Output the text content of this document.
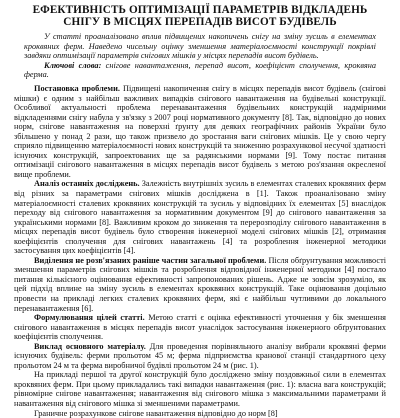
ЕФЕКТИВНІСТЬ ОПТИМІЗАЦІЇ ПАРАМЕТРІВ ВІДКЛАДЕНЬ
СНІГУ В МІСЦЯХ ПЕРЕПАДІВ ВИСОТ БУДІВЕЛЬ

У статті проаналізовано вплив підвищених накопичень снігу на зміну зусиль в елементах кроквяних ферм. Наведено чисельну оцінку зменшення матеріалоємності конструкції покрівлі завдяки оптимізації параметрів снігових мішків у місцях перепадів висот будівель.

Ключові слова: снігове навантаження, перепад висот, коефіцієнт сполучення, кроквяна ферма.

Постановка проблеми. Підвищені накопичення снігу в місцях перепадів висот будівель (снігові мішки) є одним з найбільш важливих випадків снігового навантаження на будівельні конструкції. Особливої актуальності проблема перенавантаження будівельних конструкцій надмірними відкладеннями снігу набула у зв'язку з 2007 році нормативного документу [8]. Так, відповідно до нових норм, снігове навантаження на поверхні ґрунту для деяких географічних районів України було збільшено у понад 2 рази, що також призвело до зростання ваги снігових мішків. Це у свою чергу сприяло підвищенню матеріалоємності нових конструкцій та зниженню розрахункової несучої здатності існуючих конструкцій, запроектованих ще за радянськими нормами [9]. Тому постає питання оптимізації снігового навантаження в місцях перепадів висот будівель з метою роз'язання окресленої вище проблеми.

Аналіз останніх досліджень. Залежність внутрішніх зусиль в елементах сталевих кроквяних ферм від різних за параметрами снігових мішків досліджена в [1]. Також проаналізовано зміну матеріалоємності сталевих кроквяних конструкцій та зусиль у відповідних їх елементах [5] внаслідок переходу від снігового навантаження за нормативним документом [9] до снігового навантаження за українськими нормами [8]. Важливим кроком до зниження та перерозподілу снігового навантаження в місцях перепадів висот будівель було створення інженерної моделі снігових мішків [2], отримання коефіцієнтів сполучення для снігових навантажень [4] та розроблення інженерної методики застосування цих коефіцієнтів [4].

Виділення не розв'язаних раніше частин загальної проблеми. Після обґрунтування можливості зменшення параметрів снігових мішків та розроблення відповідної інженерної методики [4] постало питання кількісного оцінювання ефективності запропонованих рішень. Адже не зовсім зрозуміло, як цей підхід вплине на зміну зусиль в елементах кроквяних конструкцій. Таке оцінювання доцільно провести на прикладі легких сталевих кроквяних ферм, які є найбільш чутливими до локального перенавантаження [6].

Формулювання цілей статті. Метою статті є оцінка ефективності уточнення у бік зменшення снігового навантаження в місцях перепадів висот унаслідок застосування інженерного обґрунтованих коефіцієнтів сполучення.

Виклад основного матеріалу. Для проведення порівняльного аналізу вибрали кроквяні ферми існуючих будівель: ферми прольотом 45 м; ферма підприємства кранової станції стандартного цеху прольотом 24 м та ферма виробничої будівлі прольотом 24 м (рис. 1).

На прикладі першої та другої конструкцій було досліджено зміну поздовжньої сили в елементах кроквяних ферм. При цьому прикладались такі випадки навантаження (рис. 1): власна вага конструкцій; рівномірне снігове навантаження; навантаження від снігового мішка з максимальними параметрами й навантаження від снігового мішка зі зменшеними параметрами.

Граничне розрахункове снігове навантаження відповідно до норм [8]
